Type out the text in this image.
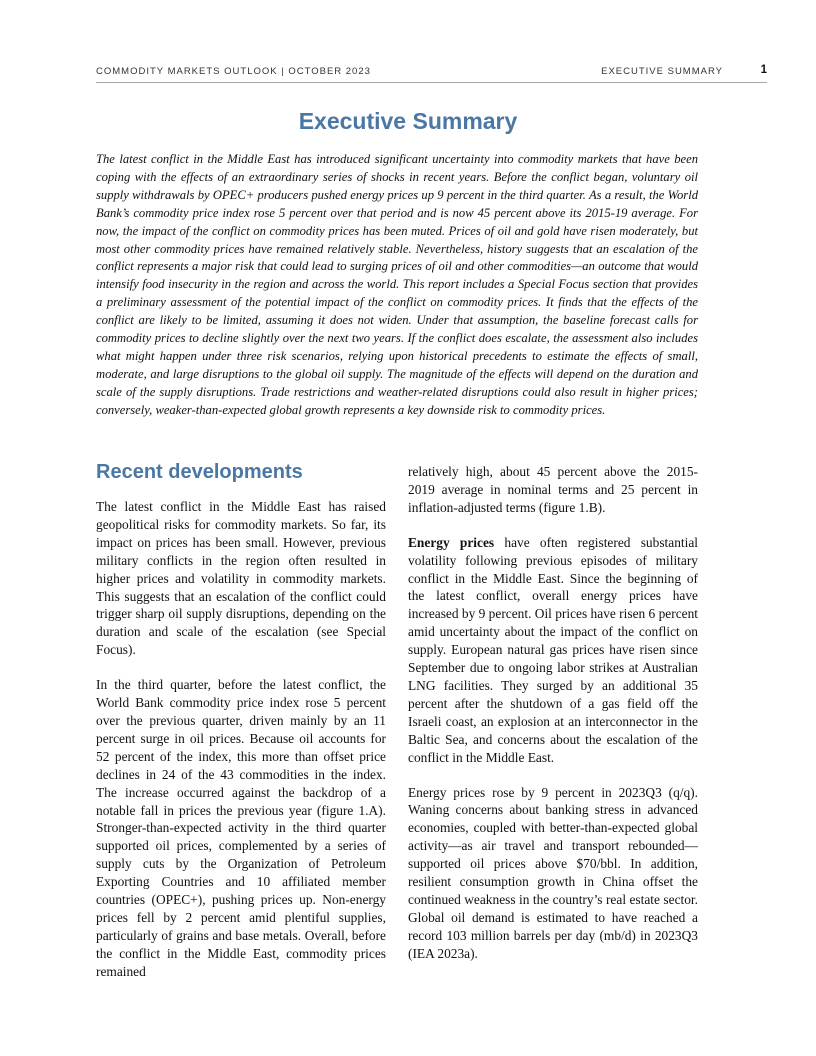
COMMODITY MARKETS OUTLOOK | OCTOBER 2023	EXECUTIVE SUMMARY	1
Executive Summary

The latest conflict in the Middle East has introduced significant uncertainty into commodity markets that have been coping with the effects of an extraordinary series of shocks in recent years. Before the conflict began, voluntary oil supply withdrawals by OPEC+ producers pushed energy prices up 9 percent in the third quarter. As a result, the World Bank’s commodity price index rose 5 percent over that period and is now 45 percent above its 2015-19 average. For now, the impact of the conflict on commodity prices has been muted. Prices of oil and gold have risen moderately, but most other commodity prices have remained relatively stable. Nevertheless, history suggests that an escalation of the conflict represents a major risk that could lead to surging prices of oil and other commodities—an outcome that would intensify food insecurity in the region and across the world. This report includes a Special Focus section that provides a preliminary assessment of the potential impact of the conflict on commodity prices. It finds that the effects of the conflict are likely to be limited, assuming it does not widen. Under that assumption, the baseline forecast calls for commodity prices to decline slightly over the next two years. If the conflict does escalate, the assessment also includes what might happen under three risk scenarios, relying upon historical precedents to estimate the effects of small, moderate, and large disruptions to the global oil supply. The magnitude of the effects will depend on the duration and scale of the supply disruptions. Trade restrictions and weather-related disruptions could also result in higher prices; conversely, weaker-than-expected global growth represents a key downside risk to commodity prices.

Recent developments

The latest conflict in the Middle East has raised geopolitical risks for commodity markets. So far, its impact on prices has been small. However, previous military conflicts in the region often resulted in higher prices and volatility in commodity markets. This suggests that an escalation of the conflict could trigger sharp oil supply disruptions, depending on the duration and scale of the escalation (see Special Focus).

In the third quarter, before the latest conflict, the World Bank commodity price index rose 5 percent over the previous quarter, driven mainly by an 11 percent surge in oil prices. Because oil accounts for 52 percent of the index, this more than offset price declines in 24 of the 43 commodities in the index. The increase occurred against the backdrop of a notable fall in prices the previous year (figure 1.A). Stronger-than-expected activity in the third quarter supported oil prices, complemented by a series of supply cuts by the Organization of Petroleum Exporting Countries and 10 affiliated member countries (OPEC+), pushing prices up. Non-energy prices fell by 2 percent amid plentiful supplies, particularly of grains and base metals. Overall, before the conflict in the Middle East, commodity prices remained

relatively high, about 45 percent above the 2015-2019 average in nominal terms and 25 percent in inflation-adjusted terms (figure 1.B).

Energy prices have often registered substantial volatility following previous episodes of military conflict in the Middle East. Since the beginning of the latest conflict, overall energy prices have increased by 9 percent. Oil prices have risen 6 percent amid uncertainty about the impact of the conflict on supply. European natural gas prices have risen since September due to ongoing labor strikes at Australian LNG facilities. They surged by an additional 35 percent after the shutdown of a gas field off the Israeli coast, an explosion at an interconnector in the Baltic Sea, and concerns about the escalation of the conflict in the Middle East.

Energy prices rose by 9 percent in 2023Q3 (q/q). Waning concerns about banking stress in advanced economies, coupled with better-than-expected global activity—as air travel and transport rebounded—supported oil prices above $70/bbl. In addition, resilient consumption growth in China offset the continued weakness in the country’s real estate sector. Global oil demand is estimated to have reached a record 103 million barrels per day (mb/d) in 2023Q3 (IEA 2023a).
